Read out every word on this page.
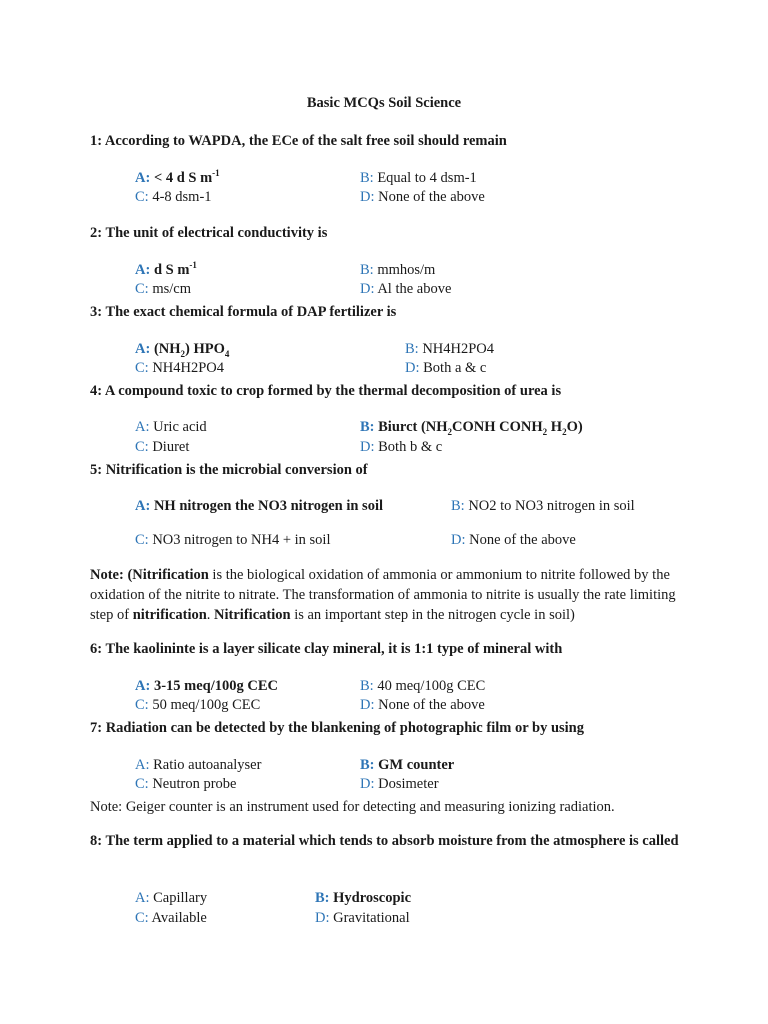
Basic MCQs Soil Science
1: According to WAPDA, the ECe of the salt free soil should remain
A: < 4 d S $m^{-1}$	B: Equal to 4 dsm-1
C: 4-8 dsm-1	D: None of the above
2: The unit of electrical conductivity is
A: d S $m^{-1}$	B: mmhos/m
C: ms/cm	D: Al the above
3: The exact chemical formula of DAP fertilizer is
A: $(NH_2)$ $HPO_4$	B: NH4H2PO4
C: NH4H2PO4	D: Both a & c
4: A compound toxic to crop formed by the thermal decomposition of urea is
A: Uric acid	B: Biurct ($NH_2CONH$ $CONH_2$ $H_2O$)
C: Diuret	D: Both b & c
5: Nitrification is the microbial conversion of
A: NH nitrogen the NO3 nitrogen in soil	B: NO2 to NO3 nitrogen in soil
C: NO3 nitrogen to NH4 + in soil	D: None of the above
Note: (Nitrification is the biological oxidation of ammonia or ammonium to nitrite followed by the oxidation of the nitrite to nitrate. The transformation of ammonia to nitrite is usually the rate limiting step of nitrification. Nitrification is an important step in the nitrogen cycle in soil)
6: The kaolininte is a layer silicate clay mineral, it is 1:1 type of mineral with
A: 3-15 meq/100g CEC	B: 40 meq/100g CEC
C: 50 meq/100g CEC	D: None of the above
7: Radiation can be detected by the blankening of photographic film or by using
A: Ratio autoanalyser	B: GM counter
C: Neutron probe	D: Dosimeter
Note: Geiger counter is an instrument used for detecting and measuring ionizing radiation.
8: The term applied to a material which tends to absorb moisture from the atmosphere is called
A: Capillary	B: Hydroscopic
C: Available	D: Gravitational
